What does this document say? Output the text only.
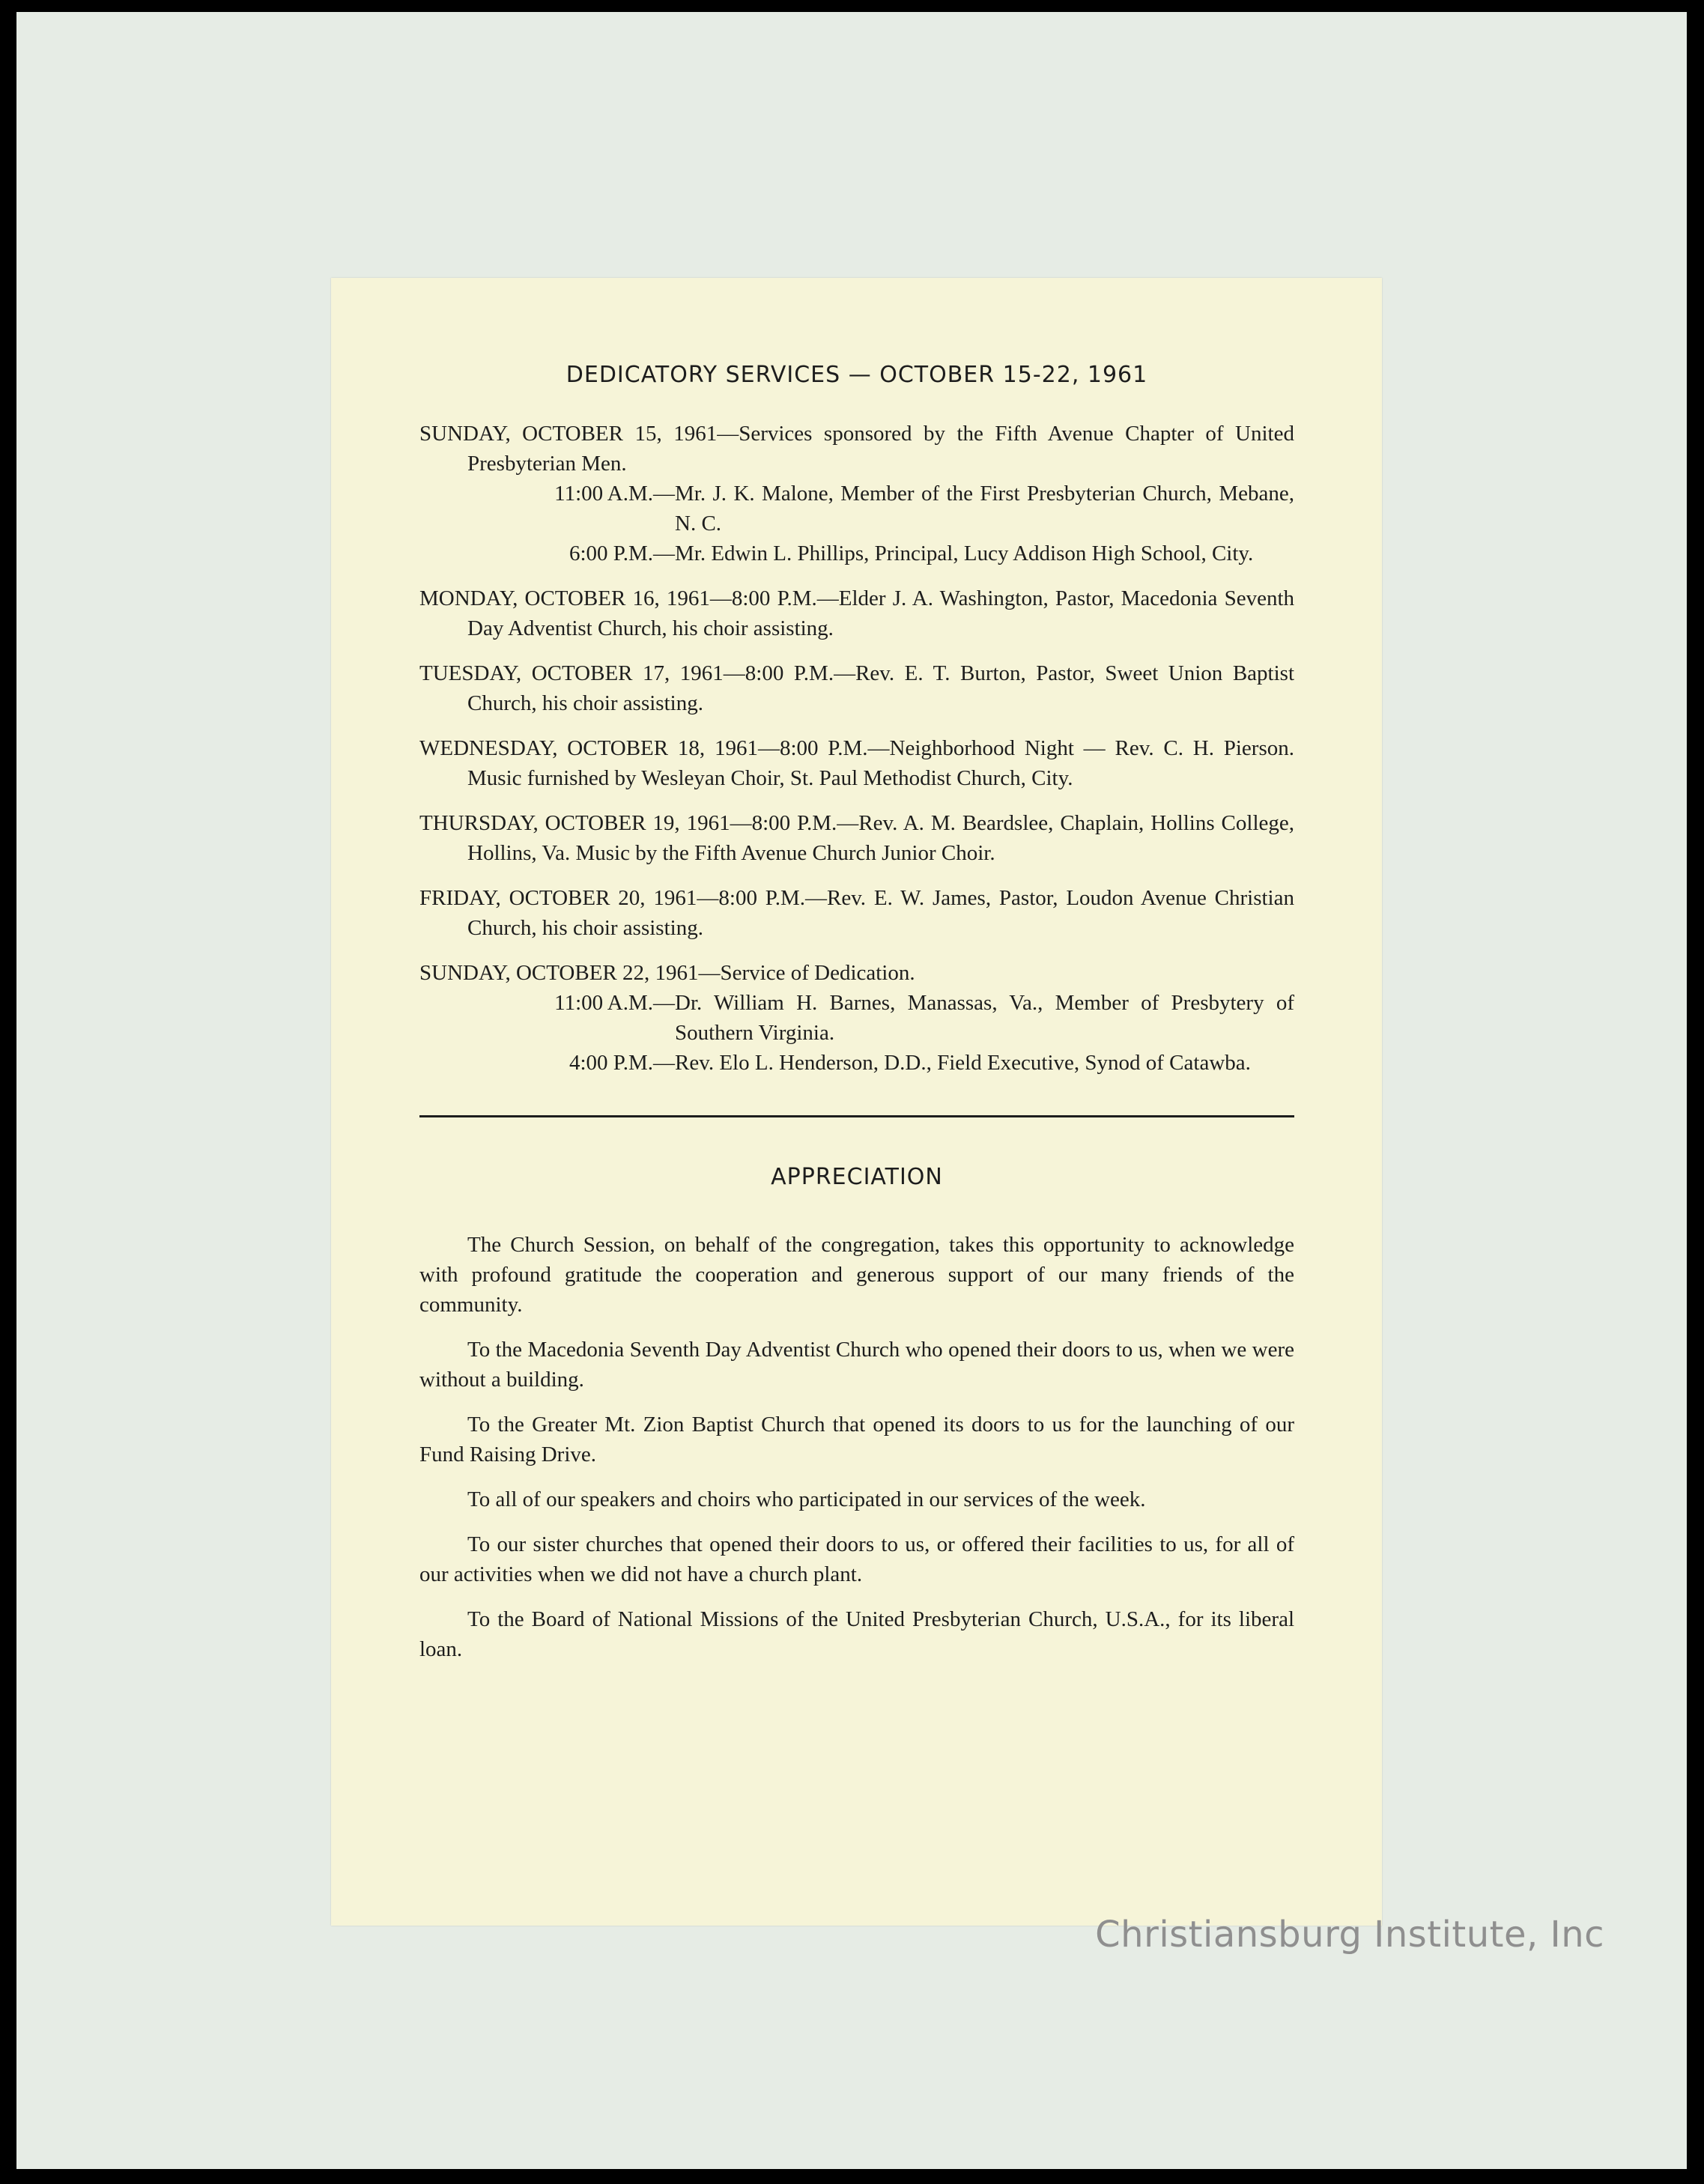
DEDICATORY SERVICES — OCTOBER 15-22, 1961
SUNDAY, OCTOBER 15, 1961—Services sponsored by the Fifth Avenue Chapter of United Presbyterian Men.
11:00 A.M. — Mr. J. K. Malone, Member of the First Presbyterian Church, Mebane, N. C.
6:00 P.M. — Mr. Edwin L. Phillips, Principal, Lucy Addison High School, City.
MONDAY, OCTOBER 16, 1961—8:00 P.M.—Elder J. A. Washington, Pastor, Macedonia Seventh Day Adventist Church, his choir assisting.
TUESDAY, OCTOBER 17, 1961—8:00 P.M.—Rev. E. T. Burton, Pastor, Sweet Union Baptist Church, his choir assisting.
WEDNESDAY, OCTOBER 18, 1961—8:00 P.M.—Neighborhood Night — Rev. C. H. Pierson. Music furnished by Wesleyan Choir, St. Paul Methodist Church, City.
THURSDAY, OCTOBER 19, 1961—8:00 P.M.—Rev. A. M. Beardslee, Chaplain, Hollins College, Hollins, Va. Music by the Fifth Avenue Church Junior Choir.
FRIDAY, OCTOBER 20, 1961—8:00 P.M.—Rev. E. W. James, Pastor, Loudon Avenue Christian Church, his choir assisting.
SUNDAY, OCTOBER 22, 1961—Service of Dedication.
11:00 A.M. — Dr. William H. Barnes, Manassas, Va., Member of Presbytery of Southern Virginia.
4:00 P.M. — Rev. Elo L. Henderson, D.D., Field Executive, Synod of Catawba.
APPRECIATION

The Church Session, on behalf of the congregation, takes this opportunity to acknowledge with profound gratitude the cooperation and generous support of our many friends of the community.

To the Macedonia Seventh Day Adventist Church who opened their doors to us, when we were without a building.

To the Greater Mt. Zion Baptist Church that opened its doors to us for the launching of our Fund Raising Drive.

To all of our speakers and choirs who participated in our services of the week.

To our sister churches that opened their doors to us, or offered their facilities to us, for all of our activities when we did not have a church plant.

To the Board of National Missions of the United Presbyterian Church, U.S.A., for its liberal loan.

Christiansburg Institute, Inc
